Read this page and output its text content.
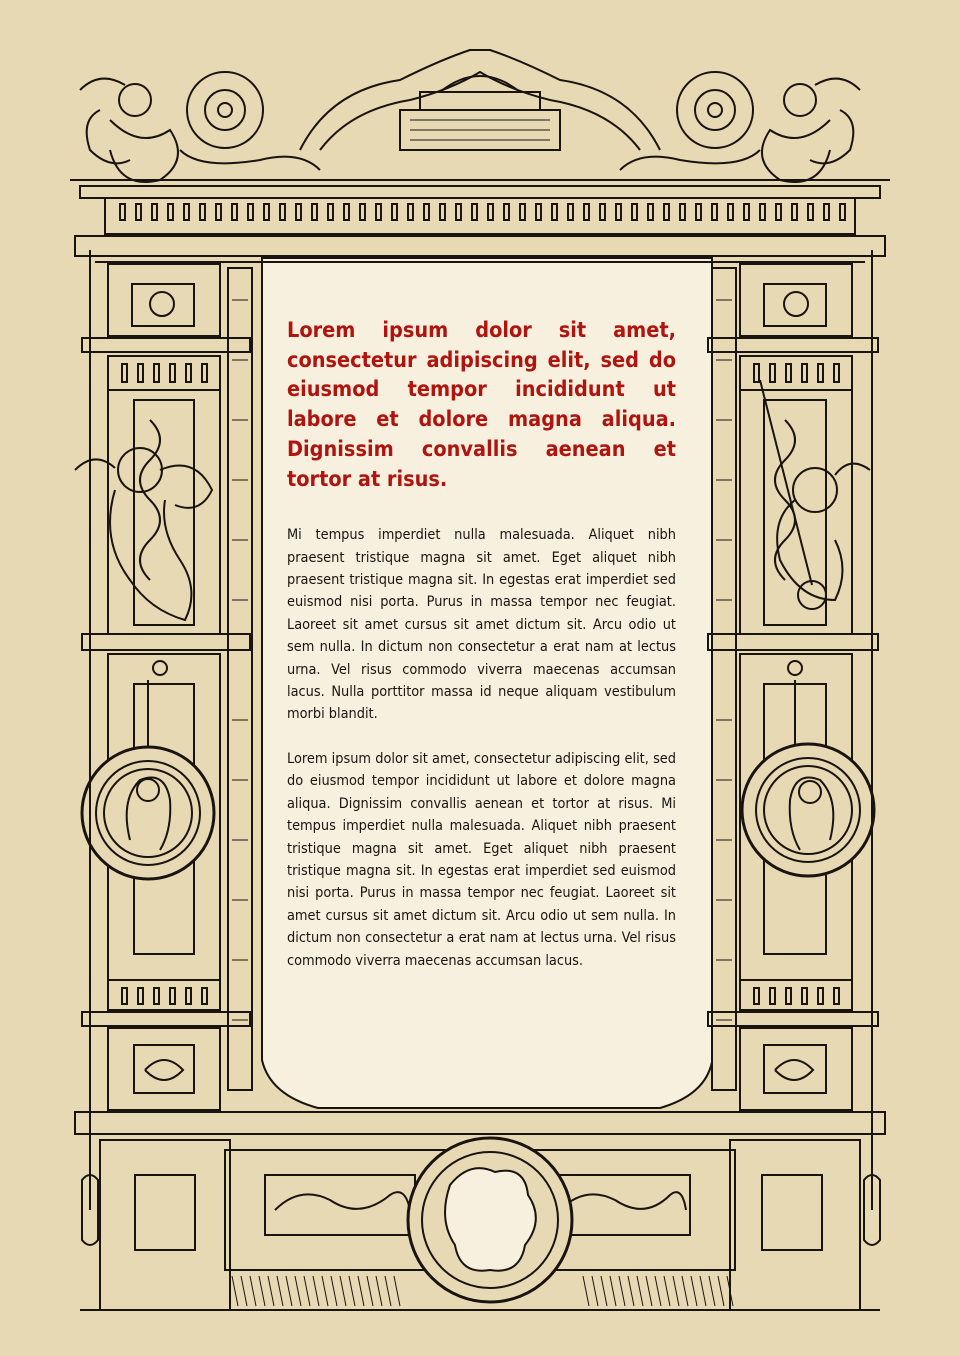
Lorem ipsum dolor sit amet, consectetur adipiscing elit, sed do eiusmod tempor incididunt ut labore et dolore magna aliqua. Dignissim convallis aenean et tortor at risus.

Mi tempus imperdiet nulla malesuada. Aliquet nibh praesent tristique magna sit amet. Eget aliquet nibh praesent tristique magna sit. In egestas erat imperdiet sed euismod nisi porta. Purus in massa tempor nec feugiat. Laoreet sit amet cursus sit amet dictum sit. Arcu odio ut sem nulla. In dictum non consectetur a erat nam at lectus urna. Vel risus commodo viverra maecenas accumsan lacus. Nulla porttitor massa id neque aliquam vestibulum morbi blandit.

Lorem ipsum dolor sit amet, consectetur adipiscing elit, sed do eiusmod tempor incididunt ut labore et dolore magna aliqua. Dignissim convallis aenean et tortor at risus. Mi tempus imperdiet nulla malesuada. Aliquet nibh praesent tristique magna sit amet. Eget aliquet nibh praesent tristique magna sit. In egestas erat imperdiet sed euismod nisi porta. Purus in massa tempor nec feugiat. Laoreet sit amet cursus sit amet dictum sit. Arcu odio ut sem nulla. In dictum non consectetur a erat nam at lectus urna. Vel risus commodo viverra maecenas accumsan lacus.
